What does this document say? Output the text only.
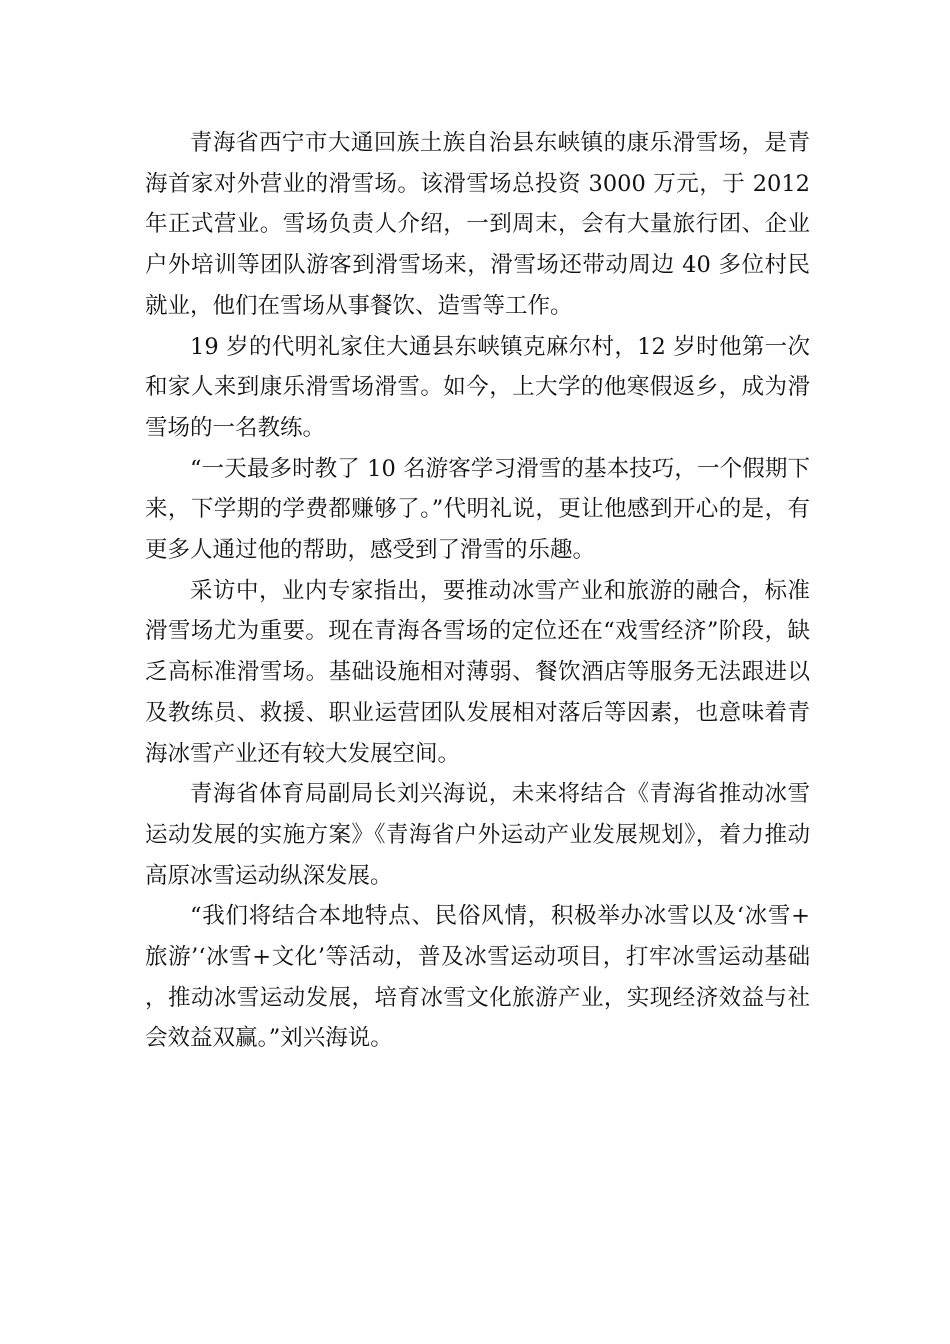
青海省西宁市大通回族土族自治县东峡镇的康乐滑雪场，是青海首家对外营业的滑雪场。该滑雪场总投资 3000 万元，于 2012 年正式营业。雪场负责人介绍，一到周末，会有大量旅行团、企业户外培训等团队游客到滑雪场来，滑雪场还带动周边 40 多位村民就业，他们在雪场从事餐饮、造雪等工作。

19 岁的代明礼家住大通县东峡镇克麻尔村，12 岁时他第一次和家人来到康乐滑雪场滑雪。如今，上大学的他寒假返乡，成为滑雪场的一名教练。

“一天最多时教了 10 名游客学习滑雪的基本技巧，一个假期下来，下学期的学费都赚够了。”代明礼说，更让他感到开心的是，有更多人通过他的帮助，感受到了滑雪的乐趣。

采访中，业内专家指出，要推动冰雪产业和旅游的融合，标准滑雪场尤为重要。现在青海各雪场的定位还在“戏雪经济”阶段，缺乏高标准滑雪场。基础设施相对薄弱、餐饮酒店等服务无法跟进以及教练员、救援、职业运营团队发展相对落后等因素，也意味着青海冰雪产业还有较大发展空间。

青海省体育局副局长刘兴海说，未来将结合《青海省推动冰雪运动发展的实施方案》《青海省户外运动产业发展规划》，着力推动高原冰雪运动纵深发展。

“我们将结合本地特点、民俗风情，积极举办冰雪以及‘冰雪+旅游’‘冰雪+文化’等活动，普及冰雪运动项目，打牢冰雪运动基础，推动冰雪运动发展，培育冰雪文化旅游产业，实现经济效益与社会效益双赢。”刘兴海说。
